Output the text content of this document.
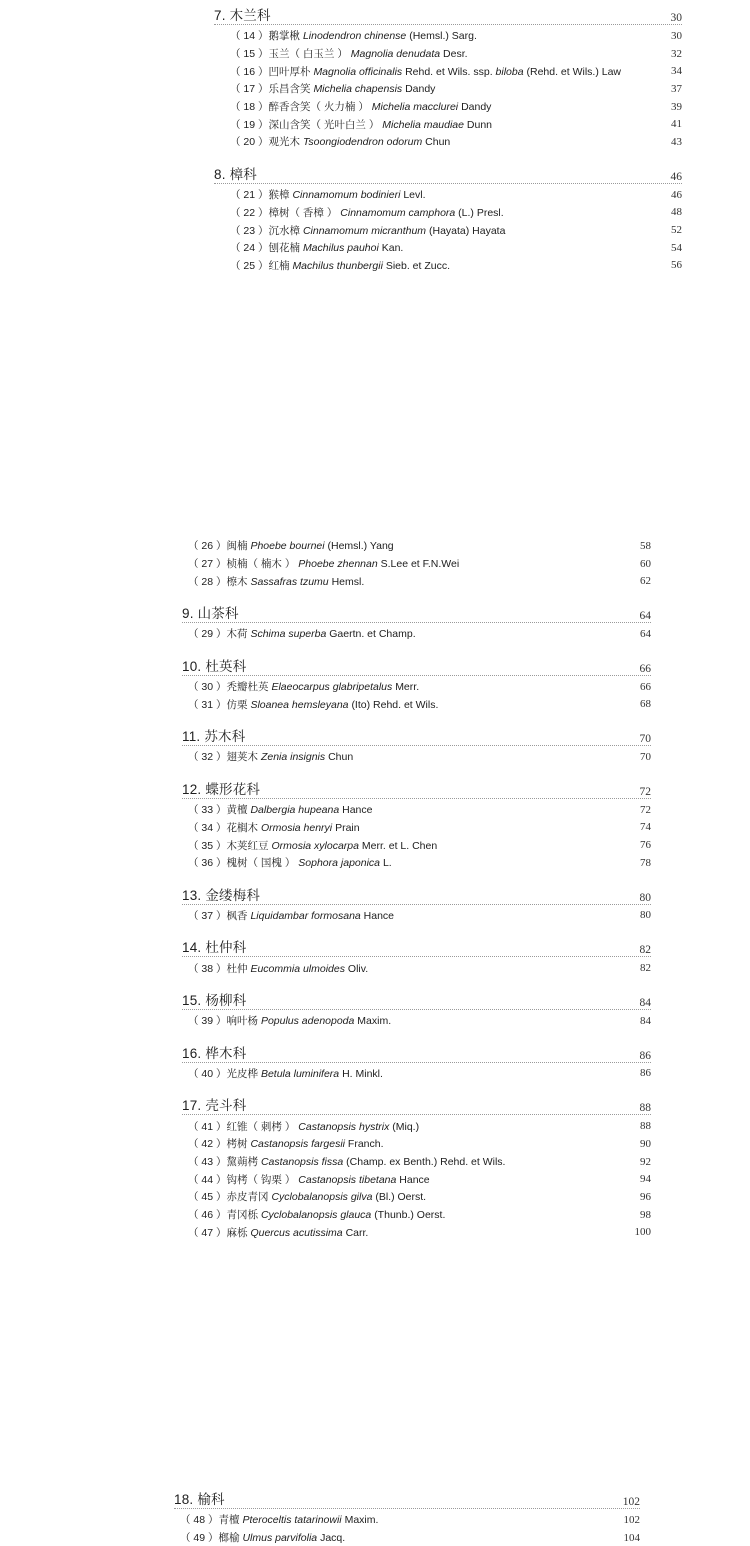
7. 木兰科	30
（ 14 ）鹅掌楸 Linodendron chinense (Hemsl.) Sarg.	30
（ 15 ）玉兰（ 白玉兰 ） Magnolia denudata Desr.	32
（ 16 ）凹叶厚朴 Magnolia officinalis Rehd. et Wils. ssp. biloba (Rehd. et Wils.) Law	34
（ 17 ）乐昌含笑 Michelia chapensis Dandy	37
（ 18 ）醉香含笑（ 火力楠 ） Michelia macclurei Dandy	39
（ 19 ）深山含笑（ 光叶白兰 ） Michelia maudiae Dunn	41
（ 20 ）观光木 Tsoongiodendron odorum Chun	43
8. 樟科	46
（ 21 ）猴樟 Cinnamomum bodinieri Levl.	46
（ 22 ）樟树（ 香樟 ） Cinnamomum camphora (L.) Presl.	48
（ 23 ）沉水樟 Cinnamomum micranthum (Hayata) Hayata	52
（ 24 ）刨花楠 Machilus pauhoi Kan.	54
（ 25 ）红楠 Machilus thunbergii Sieb. et Zucc.	56
（ 26 ）闽楠 Phoebe bournei (Hemsl.) Yang	58
（ 27 ）桢楠（ 楠木 ） Phoebe zhennan S.Lee et F.N.Wei	60
（ 28 ）檫木 Sassafras tzumu Hemsl.	62
9. 山茶科	64
（ 29 ）木荷 Schima superba Gaertn. et Champ.	64
10. 杜英科	66
（ 30 ）秃瓣杜英 Elaeocarpus glabripetalus Merr.	66
（ 31 ）仿栗 Sloanea hemsleyana (Ito) Rehd. et Wils.	68
11. 苏木科	70
（ 32 ）翅荚木 Zenia insignis Chun	70
12. 蝶形花科	72
（ 33 ）黄檀 Dalbergia hupeana Hance	72
（ 34 ）花榈木 Ormosia henryi Prain	74
（ 35 ）木荚红豆 Ormosia xylocarpa Merr. et L. Chen	76
（ 36 ）槐树（ 国槐 ） Sophora japonica L.	78
13. 金缕梅科	80
（ 37 ）枫香 Liquidambar formosana Hance	80
14. 杜仲科	82
（ 38 ）杜仲 Eucommia ulmoides Oliv.	82
15. 杨柳科	84
（ 39 ）响叶杨 Populus adenopoda Maxim.	84
16. 桦木科	86
（ 40 ）光皮桦 Betula luminifera H. Minkl.	86
17. 壳斗科	88
（ 41 ）红锥（ 刺栲 ） Castanopsis hystrix (Miq.)	88
（ 42 ）栲树 Castanopsis fargesii Franch.	90
（ 43 ）黧蒴栲 Castanopsis fissa (Champ. ex Benth.) Rehd. et Wils.	92
（ 44 ）钩栲（ 钩栗 ） Castanopsis tibetana Hance	94
（ 45 ）赤皮青冈 Cyclobalanopsis gilva (Bl.) Oerst.	96
（ 46 ）青冈栎 Cyclobalanopsis glauca (Thunb.) Oerst.	98
（ 47 ）麻栎 Quercus acutissima Carr.	100
18. 榆科	102
（ 48 ）青檀 Pteroceltis tatarinowii Maxim.	102
（ 49 ）榔榆 Ulmus parvifolia Jacq.	104
